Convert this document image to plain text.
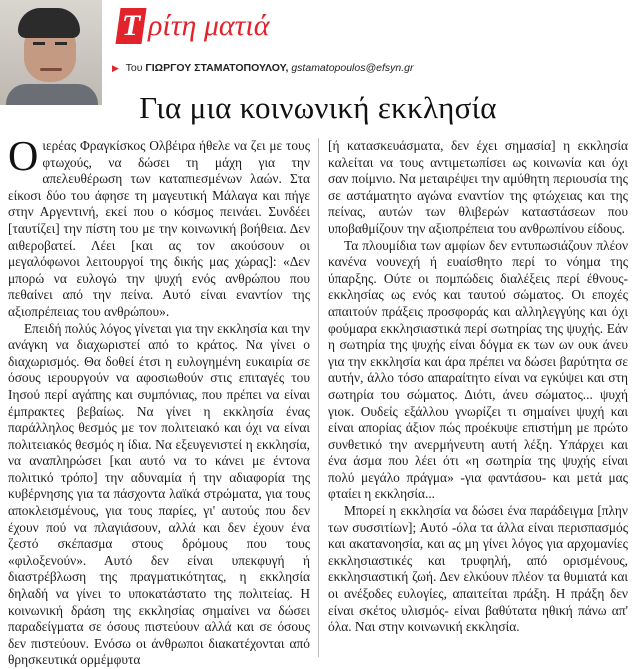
Τ ρίτη ματιά
▶ Του ΓΙΩΡΓΟΥ ΣΤΑΜΑΤΟΠΟΥΛΟΥ, gstamatopoulos@efsyn.gr
Για μια κοινωνική εκκλησία

Οιερέας Φραγκίσκος Ολβέιρα ήθελε να ζει με τους φτωχούς, να δώσει τη μάχη για την απελευθέρωση των καταπιεσμένων λαών. Στα είκοσι δύο του άφησε τη μαγευτική Μάλαγα και πήγε στην Αργεντινή, εκεί που ο κόσμος πεινάει. Συνδέει [ταυτίζει] την πίστη του με την κοινωνική βοήθεια. Δεν αιθεροβατεί. Λέει [και ας τον ακούσουν οι μεγαλόφωνοι λειτουργοί της δικής μας χώρας]: «Δεν μπορώ να ευλογώ την ψυχή ενός ανθρώπου που πεθαίνει από την πείνα. Αυτό είναι εναντίον της αξιοπρέπειας του ανθρώπου».

Επειδή πολύς λόγος γίνεται για την εκκλησία και την ανάγκη να διαχωριστεί από το κράτος. Να γίνει ο διαχωρισμός. Θα δοθεί έτσι η ευλογημένη ευκαιρία σε όσους ιερουργούν να αφοσιωθούν στις επιταγές του Ιησού περί αγάπης και συμπόνιας, που πρέπει να είναι έμπρακτες βεβαίως. Να γίνει η εκκλησία ένας παράλληλος θεσμός με τον πολιτειακό και όχι να είναι πολιτειακός θεσμός η ίδια. Να εξευγενιστεί η εκκλησία, να αναπληρώσει [και αυτό να το κάνει με έντονα πολιτικό τρόπο] την αδυναμία ή την αδιαφορία της κυβέρνησης για τα πάσχοντα λαϊκά στρώματα, για τους αποκλεισμένους, για τους παρίες, γι' αυτούς που δεν έχουν πού να πλαγιάσουν, αλλά και δεν έχουν ένα ζεστό σκέπασμα στους δρόμους που τους «φιλοξενούν». Αυτό δεν είναι υπεκφυγή ή διαστρέβλωση της πραγματικότητας, η εκκλησία δηλαδή να γίνει το υποκατάστατο της πολιτείας. Η κοινωνική δράση της εκκλησίας σημαίνει να δώσει παραδείγματα σε όσους πιστεύουν αλλά και σε όσους δεν πιστεύουν. Ενόσω οι άνθρωποι διακατέχονται από θρησκευτικά ορμέμφυτα

[ή κατασκευάσματα, δεν έχει σημασία] η εκκλησία καλείται να τους αντιμετωπίσει ως κοινωνία και όχι σαν ποίμνιο. Να μεταιρέψει την αμύθητη περιουσία της σε αστάματητο αγώνα εναντίον της φτώχειας και της πείνας, αυτών των θλιβερών καταστάσεων που υποβαθμίζουν την αξιοπρέπεια του ανθρωπίνου είδους.

Τα πλουμίδια των αμφίων δεν εντυπωσιάζουν πλέον κανένα νουνεχή ή ευαίσθητο περί το νόημα της ύπαρξης. Ούτε οι πομπώδεις διαλέξεις περί έθνους-εκκλησίας ως ενός και ταυτού σώματος. Οι εποχές απαιτούν πράξεις προσφοράς και αλληλεγγύης και όχι φούμαρα εκκλησιαστικά περί σωτηρίας της ψυχής. Εάν η σωτηρία της ψυχής είναι δόγμα εκ των ων ουκ άνευ για την εκκλησία και άρα πρέπει να δώσει βαρύτητα σε αυτήν, άλλο τόσο απαραίτητο είναι να εγκύψει και στη σωτηρία του σώματος. Διότι, άνευ σώματος... ψυχή γιοκ. Ουδείς εξάλλου γνωρίζει τι σημαίνει ψυχή και είναι απορίας άξιον πώς προέκυψε επιστήμη με πρώτο συνθετικό την ανερμήνευτη αυτή λέξη. Υπάρχει και ένα άσμα που λέει ότι «η σωτηρία της ψυχής είναι πολύ μεγάλο πράγμα» -για φαντάσου- και μετά μας φταίει η εκκλησία...

Μπορεί η εκκλησία να δώσει ένα παράδειγμα [πλην των συσσιτίων]; Αυτό -όλα τα άλλα είναι περισπασμός και ακατανοησία, και ας μη γίνει λόγος για αρχομανίες εκκλησιαστικές και τρυφηλή, από ορισμένους, εκκλησιαστική ζωή. Δεν ελκύουν πλέον τα θυμιατά και οι ανέξοδες ευλογίες, απαιτείται πράξη. Η πράξη δεν είναι σκέτος υλισμός- είναι βαθύτατα ηθική πάνω απ' όλα. Ναι στην κοινωνική εκκλησία.
